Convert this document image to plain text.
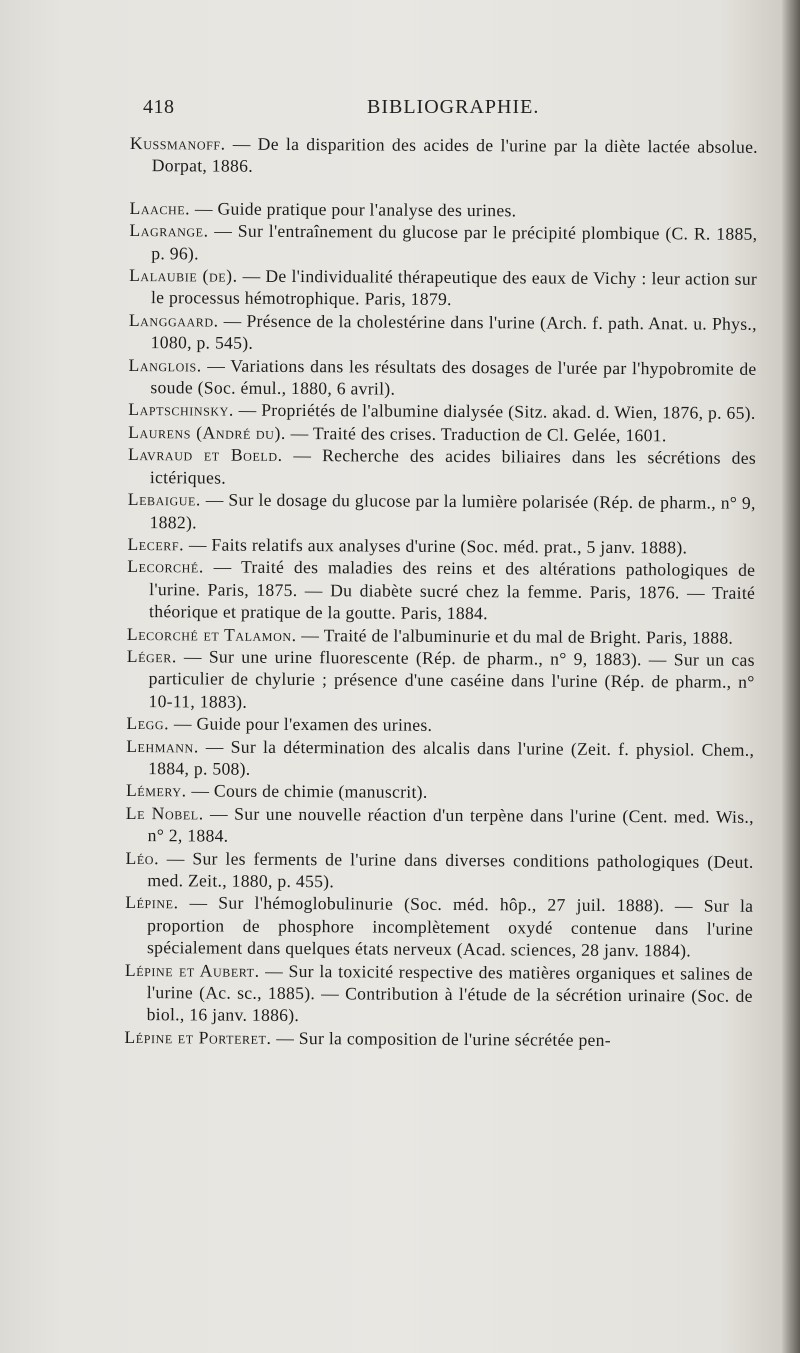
418	BIBLIOGRAPHIE.

Kussmanoff. — De la disparition des acides de l'urine par la diète lactée absolue. Dorpat, 1886.

Laache. — Guide pratique pour l'analyse des urines.

Lagrange. — Sur l'entraînement du glucose par le précipité plombique (C. R. 1885, p. 96).

Lalaubie (de). — De l'individualité thérapeutique des eaux de Vichy : leur action sur le processus hémotrophique. Paris, 1879.

Langgaard. — Présence de la cholestérine dans l'urine (Arch. f. path. Anat. u. Phys., 1080, p. 545).

Langlois. — Variations dans les résultats des dosages de l'urée par l'hypobromite de soude (Soc. émul., 1880, 6 avril).

Laptschinsky. — Propriétés de l'albumine dialysée (Sitz. akad. d. Wien, 1876, p. 65).

Laurens (André du). — Traité des crises. Traduction de Cl. Gelée, 1601.

Lavraud et Boeld. — Recherche des acides biliaires dans les sécrétions des ictériques.

Lebaigue. — Sur le dosage du glucose par la lumière polarisée (Rép. de pharm., n° 9, 1882).

Lecerf. — Faits relatifs aux analyses d'urine (Soc. méd. prat., 5 janv. 1888).

Lecorché. — Traité des maladies des reins et des altérations pathologiques de l'urine. Paris, 1875. — Du diabète sucré chez la femme. Paris, 1876. — Traité théorique et pratique de la goutte. Paris, 1884.

Lecorché et Talamon. — Traité de l'albuminurie et du mal de Bright. Paris, 1888.

Léger. — Sur une urine fluorescente (Rép. de pharm., n° 9, 1883). — Sur un cas particulier de chylurie ; présence d'une caséine dans l'urine (Rép. de pharm., n° 10-11, 1883).

Legg. — Guide pour l'examen des urines.

Lehmann. — Sur la détermination des alcalis dans l'urine (Zeit. f. physiol. Chem., 1884, p. 508).

Lémery. — Cours de chimie (manuscrit).

Le Nobel. — Sur une nouvelle réaction d'un terpène dans l'urine (Cent. med. Wis., n° 2, 1884.

Léo. — Sur les ferments de l'urine dans diverses conditions pathologiques (Deut. med. Zeit., 1880, p. 455).

Lépine. — Sur l'hémoglobulinurie (Soc. méd. hôp., 27 juil. 1888). — Sur la proportion de phosphore incomplètement oxydé contenue dans l'urine spécialement dans quelques états nerveux (Acad. sciences, 28 janv. 1884).

Lépine et Aubert. — Sur la toxicité respective des matières organiques et salines de l'urine (Ac. sc., 1885). — Contribution à l'étude de la sécrétion urinaire (Soc. de biol., 16 janv. 1886).

Lépine et Porteret. — Sur la composition de l'urine sécrétée pen-
